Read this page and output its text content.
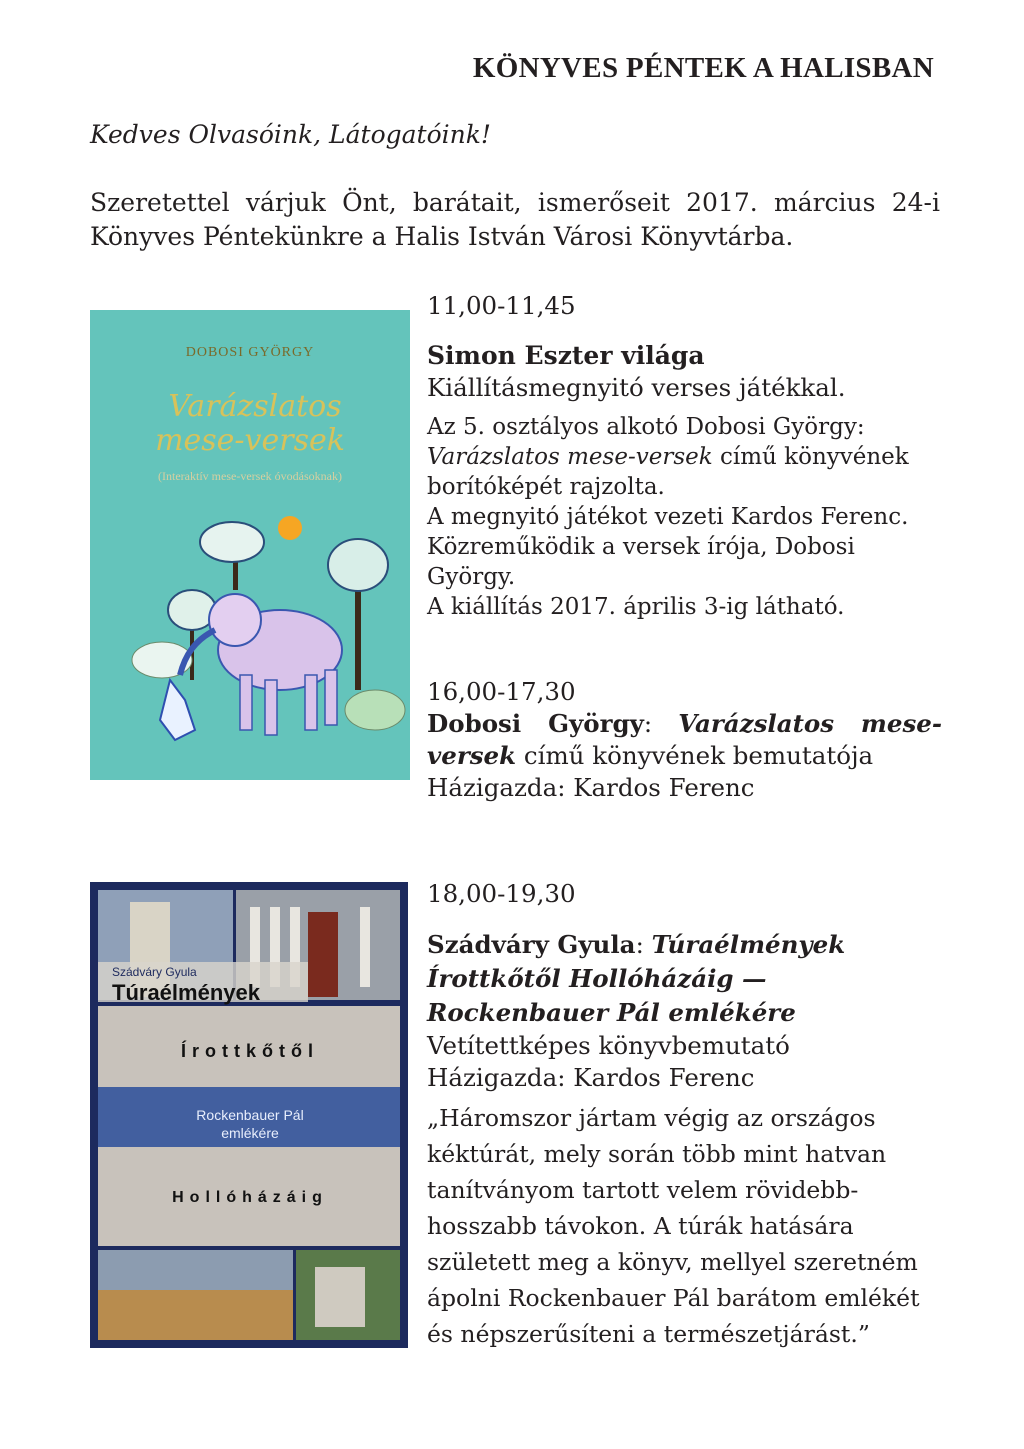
KÖNYVES PÉNTEK A HALISBAN
Kedves Olvasóink, Látogatóink!
Szeretettel várjuk Önt, barátait, ismerőseit 2017. március 24-i Könyves Péntekünkre a Halis István Városi Könyvtárba.
DOBOSI GYÖRGY
Varázslatos
mese-versek
(Interaktív mese-versek óvodásoknak)
11,00-11,45
Simon Eszter világa
Kiállításmegnyitó verses játékkal.
Az 5. osztályos alkotó Dobosi György:
Varázslatos mese-versek című könyvének
borítóképét rajzolta.
A megnyitó játékot vezeti Kardos Ferenc.
Közreműködik a versek írója, Dobosi György.
A kiállítás 2017. április 3-ig látható.
16,00-17,30
Dobosi György: Varázslatos mese-versek című könyvének bemutatója
Házigazda: Kardos Ferenc
Szádváry Gyula
Túraélmények
Írottkőtől
Rockenbauer Pál
emlékére
Hollóházáig
18,00-19,30
Szádváry Gyula: Túraélmények Írottkőtől Hollóházáig — Rockenbauer Pál emlékére
Vetítettképes könyvbemutató
Házigazda: Kardos Ferenc
„Háromszor jártam végig az országos kéktúrát, mely során több mint hatvan tanítványom tartott velem rövidebb-hosszabb távokon. A túrák hatására született meg a könyv, mellyel szeretném ápolni Rockenbauer Pál barátom emlékét és népszerűsíteni a természetjárást.”
